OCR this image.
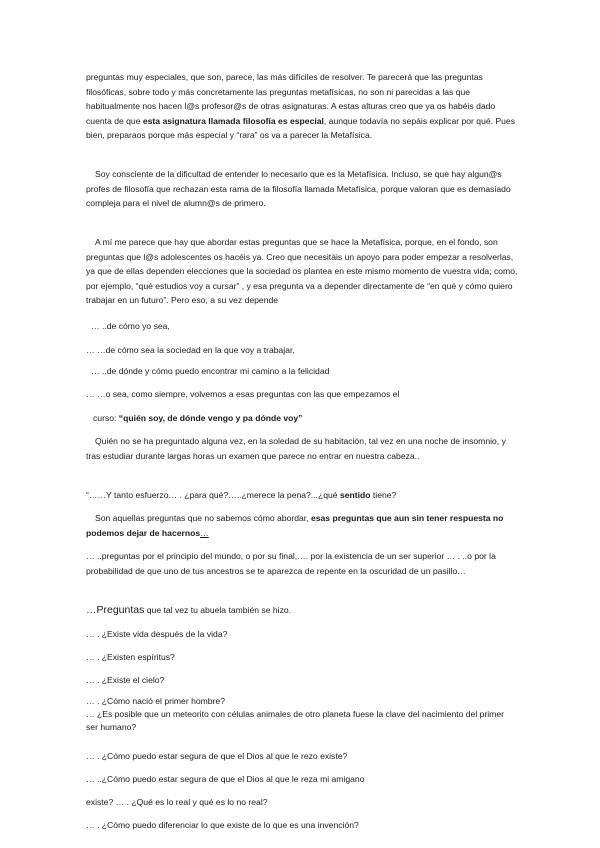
preguntas muy especiales, que son, parece, las más difíciles de resolver. Te parecerá que las preguntas filosóficas, sobre todo y más concretamente las preguntas metafísicas, no son ni parecidas a las que habitualmente nos hacen l@s profesor@s de otras asignaturas. A estas alturas creo que ya os habéis dado cuenta de que esta asignatura llamada filosofía es especial, aunque todavía no sepáis explicar por qué. Pues bien, preparaos porque más especial y “rara” os va a parecer la Metafísica.

Soy consciente de la dificultad de entender lo necesario que es la Metafísica. Incluso, se que hay algun@s profes de filosofía que rechazan esta rama de la filosofía llamada Metafísica, porque valoran que es demasiado compleja para el nivel de alumn@s de primero.

A mí me parece que hay que abordar estas preguntas que se hace la Metafísica, porque, en el fondo, son preguntas que l@s adolescentes os hacéis ya. Creo que necesitáis un apoyo para poder empezar a resolverlas, ya que de ellas dependen elecciones que la sociedad os plantea en este mismo momento de vuestra vida; como, por ejemplo, “qué estudios voy a cursar” , y esa pregunta va a depender directamente de “en qué y cómo quiero trabajar en un futuro”. Pero eso, a su vez depende

… ..de cómo yo sea,

… …de cómo sea la sociedad en la que voy a trabajar,

… ..de dónde y cómo puedo encontrar mi camino a la felicidad

… …o sea, como siempre, volvemos a esas preguntas con las que empezamos el

curso: “quién soy, de dónde vengo y pa dónde voy”

Quién no se ha preguntado alguna vez, en la soledad de su habitación, tal vez en una noche de insomnio, y tras estudiar durante largas horas un examen que parece no entrar en nuestra cabeza..

“……Y tanto esfuerzo… . ¿para qué?…..¿merece la pena?...¿qué sentido tiene?

Son aquellas preguntas que no sabemos cómo abordar, esas preguntas que aun sin tener respuesta no podemos dejar de hacernos…

… ..preguntas por el principio del mundo, o por su final,…. por la existencia de un ser superior … . ..o por la probabilidad de que uno de tus ancestros se te aparezca de repente en la oscuridad de un pasillo…

…Preguntas que tal vez tu abuela también se hizo.

… . ¿Existe vida después de la vida?

… . ¿Existen espíritus?

… . ¿Existe el cielo?

… . ¿Cómo nació el primer hombre?

… ¿Es posible que un meteorito con células animales de otro planeta fuese la clave del nacimiento del primer ser humano?

… . ¿Cómo puedo estar segura de que el Dios al que le rezo existe?

… ..¿Cómo puedo estar segura de que el Dios al que le reza mi amigano

existe? … . ¿Qué es lo real y qué es lo no real?

… . ¿Cómo puedo diferenciar lo que existe de lo que es una invención?
